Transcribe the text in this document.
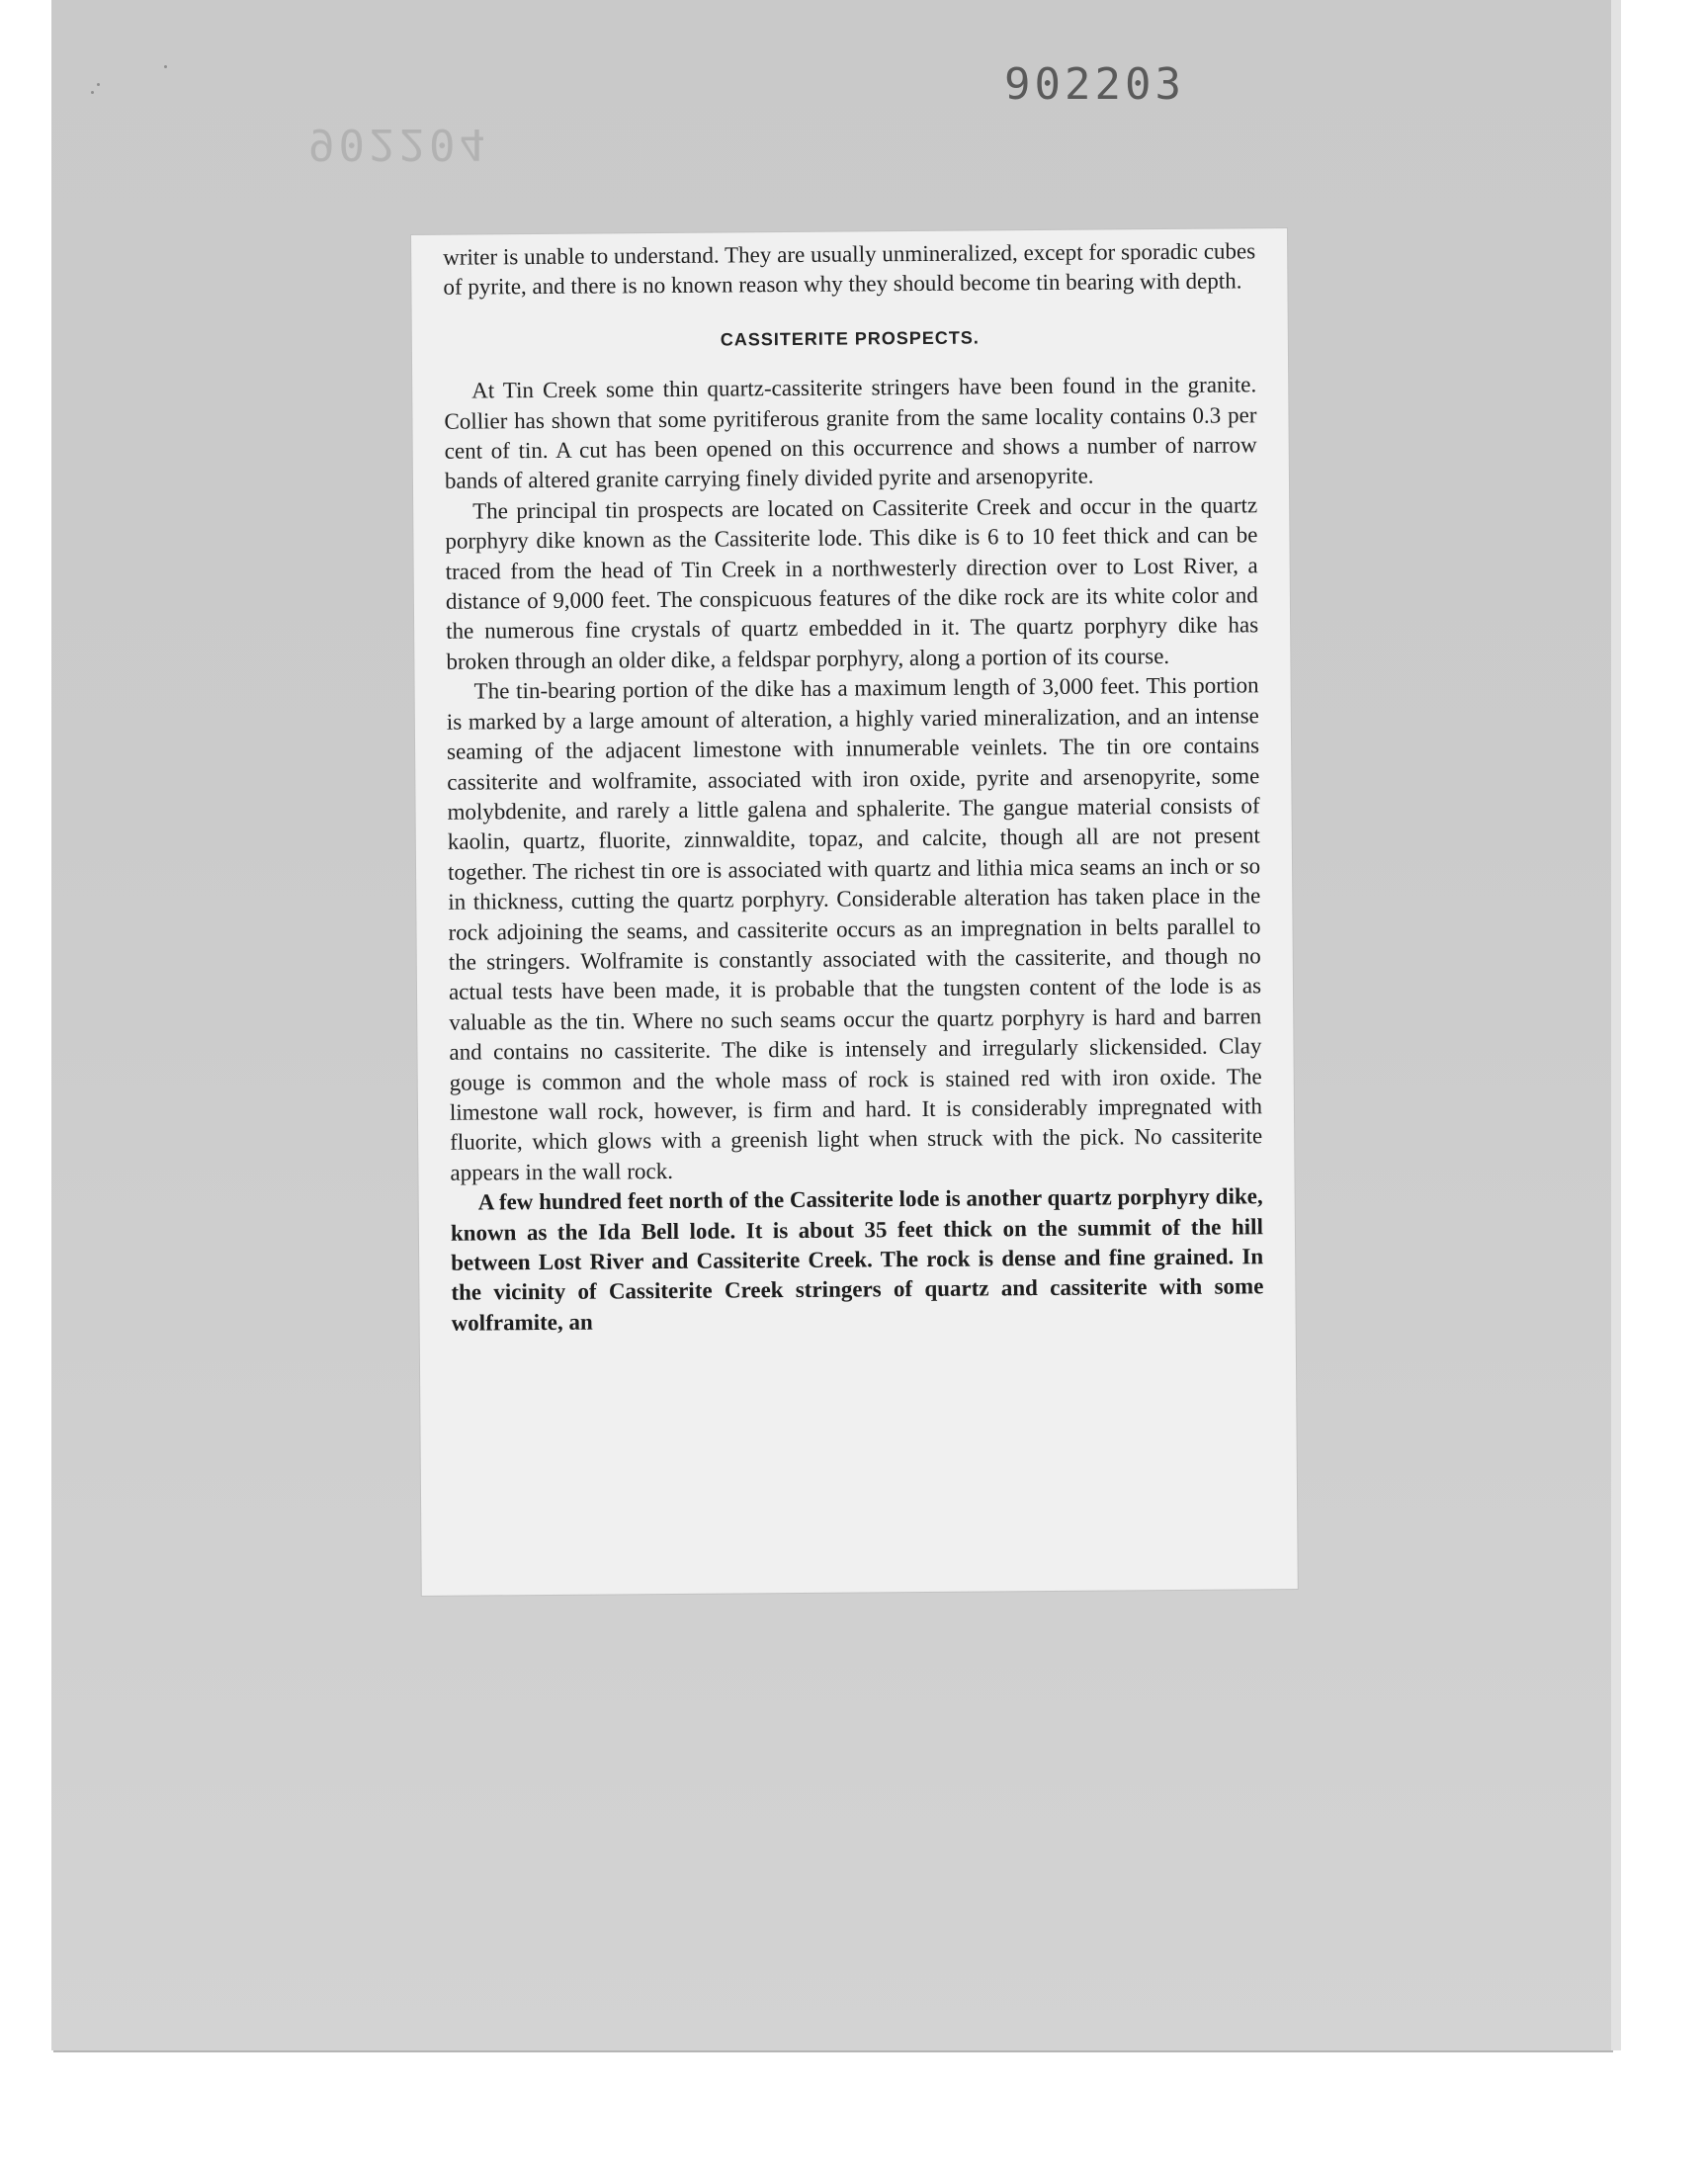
902203
902204

writer is unable to understand. They are usually unmineralized, except for sporadic cubes of pyrite, and there is no known reason why they should become tin bearing with depth.

CASSITERITE PROSPECTS.

At Tin Creek some thin quartz-cassiterite stringers have been found in the granite. Collier has shown that some pyritiferous granite from the same locality contains 0.3 per cent of tin. A cut has been opened on this occurrence and shows a number of narrow bands of altered granite carrying finely divided pyrite and arsenopyrite.

The principal tin prospects are located on Cassiterite Creek and occur in the quartz porphyry dike known as the Cassiterite lode. This dike is 6 to 10 feet thick and can be traced from the head of Tin Creek in a northwesterly direction over to Lost River, a distance of 9,000 feet. The conspicuous features of the dike rock are its white color and the numerous fine crystals of quartz embedded in it. The quartz porphyry dike has broken through an older dike, a feldspar porphyry, along a portion of its course.

The tin-bearing portion of the dike has a maximum length of 3,000 feet. This portion is marked by a large amount of alteration, a highly varied mineralization, and an intense seaming of the adjacent limestone with innumerable veinlets. The tin ore contains cassiterite and wolframite, associated with iron oxide, pyrite and arsenopyrite, some molybdenite, and rarely a little galena and sphalerite. The gangue material consists of kaolin, quartz, fluorite, zinnwaldite, topaz, and calcite, though all are not present together. The richest tin ore is associated with quartz and lithia mica seams an inch or so in thickness, cutting the quartz porphyry. Considerable alteration has taken place in the rock adjoining the seams, and cassiterite occurs as an impregnation in belts parallel to the stringers. Wolframite is constantly associated with the cassiterite, and though no actual tests have been made, it is probable that the tungsten content of the lode is as valuable as the tin. Where no such seams occur the quartz porphyry is hard and barren and contains no cassiterite. The dike is intensely and irregularly slickensided. Clay gouge is common and the whole mass of rock is stained red with iron oxide. The limestone wall rock, however, is firm and hard. It is considerably impregnated with fluorite, which glows with a greenish light when struck with the pick. No cassiterite appears in the wall rock.

A few hundred feet north of the Cassiterite lode is another quartz porphyry dike, known as the Ida Bell lode. It is about 35 feet thick on the summit of the hill between Lost River and Cassiterite Creek. The rock is dense and fine grained. In the vicinity of Cassiterite Creek stringers of quartz and cassiterite with some wolframite, an
